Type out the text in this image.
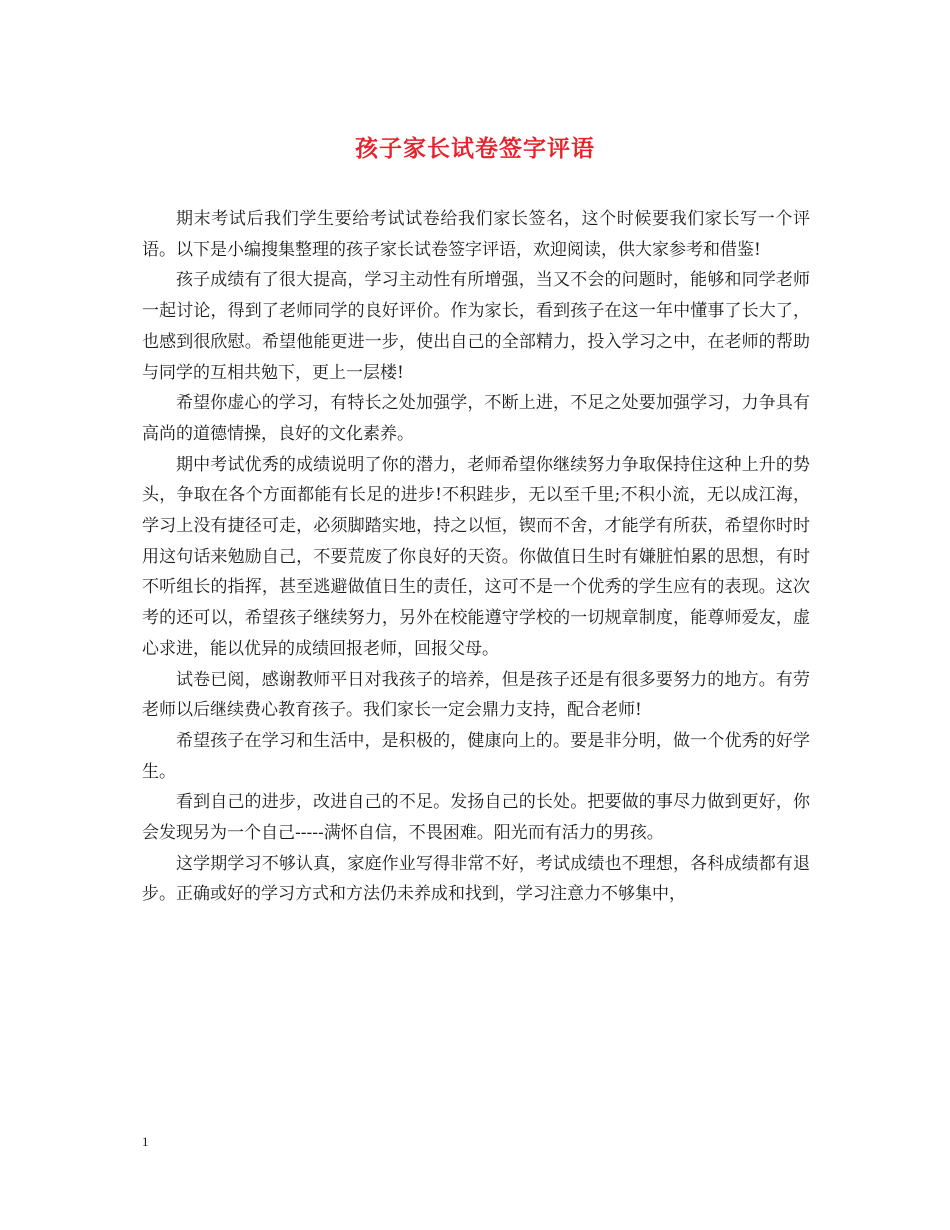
孩子家长试卷签字评语

期末考试后我们学生要给考试试卷给我们家长签名，这个时候要我们家长写一个评语。以下是小编搜集整理的孩子家长试卷签字评语，欢迎阅读，供大家参考和借鉴!

孩子成绩有了很大提高，学习主动性有所增强，当又不会的问题时，能够和同学老师一起讨论，得到了老师同学的良好评价。作为家长，看到孩子在这一年中懂事了长大了，也感到很欣慰。希望他能更进一步，使出自己的全部精力，投入学习之中，在老师的帮助与同学的互相共勉下，更上一层楼!

希望你虚心的学习，有特长之处加强学，不断上进，不足之处要加强学习，力争具有高尚的道德情操，良好的文化素养。

期中考试优秀的成绩说明了你的潜力，老师希望你继续努力争取保持住这种上升的势头，争取在各个方面都能有长足的进步!不积跬步，无以至千里;不积小流，无以成江海，学习上没有捷径可走，必须脚踏实地，持之以恒，锲而不舍，才能学有所获，希望你时时用这句话来勉励自己，不要荒废了你良好的天资。你做值日生时有嫌脏怕累的思想，有时不听组长的指挥，甚至逃避做值日生的责任，这可不是一个优秀的学生应有的表现。这次考的还可以，希望孩子继续努力，另外在校能遵守学校的一切规章制度，能尊师爱友，虚心求进，能以优异的成绩回报老师，回报父母。

试卷已阅，感谢教师平日对我孩子的培养，但是孩子还是有很多要努力的地方。有劳老师以后继续费心教育孩子。我们家长一定会鼎力支持，配合老师!

希望孩子在学习和生活中，是积极的，健康向上的。要是非分明，做一个优秀的好学生。

看到自己的进步，改进自己的不足。发扬自己的长处。把要做的事尽力做到更好，你会发现另为一个自己-----满怀自信，不畏困难。阳光而有活力的男孩。

这学期学习不够认真，家庭作业写得非常不好，考试成绩也不理想，各科成绩都有退步。正确或好的学习方式和方法仍未养成和找到，学习注意力不够集中，

1
